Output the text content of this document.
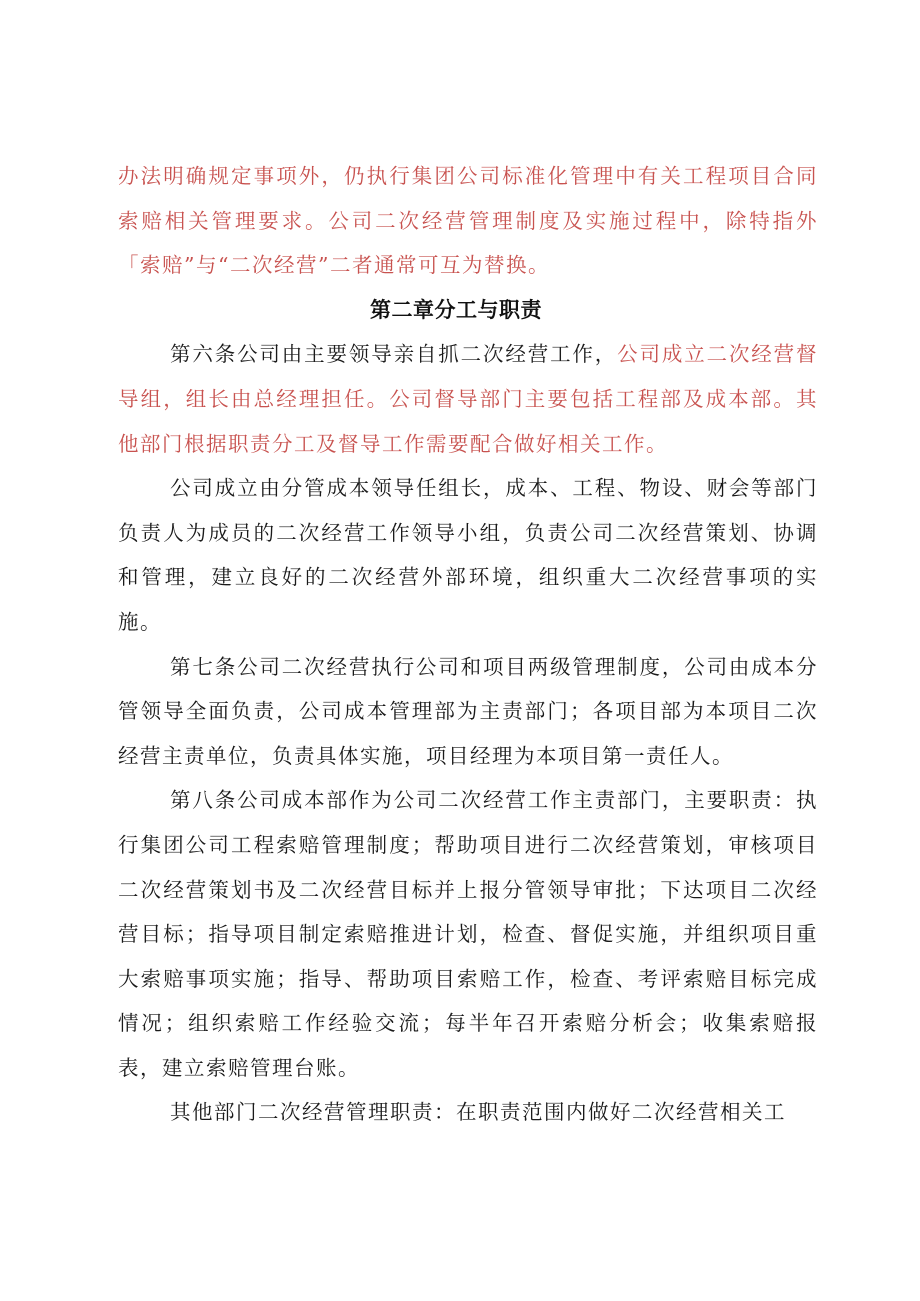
办法明确规定事项外，仍执行集团公司标准化管理中有关工程项目合同索赔相关管理要求。公司二次经营管理制度及实施过程中，除特指外「索赔”与“二次经营”二者通常可互为替换。

第二章分工与职责

第六条公司由主要领导亲自抓二次经营工作，公司成立二次经营督导组，组长由总经理担任。公司督导部门主要包括工程部及成本部。其他部门根据职责分工及督导工作需要配合做好相关工作。

公司成立由分管成本领导任组长，成本、工程、物设、财会等部门负责人为成员的二次经营工作领导小组，负责公司二次经营策划、协调和管理，建立良好的二次经营外部环境，组织重大二次经营事项的实施。

第七条公司二次经营执行公司和项目两级管理制度，公司由成本分管领导全面负责，公司成本管理部为主责部门；各项目部为本项目二次经营主责单位，负责具体实施，项目经理为本项目第一责任人。

第八条公司成本部作为公司二次经营工作主责部门，主要职责：执行集团公司工程索赔管理制度；帮助项目进行二次经营策划，审核项目二次经营策划书及二次经营目标并上报分管领导审批；下达项目二次经营目标；指导项目制定索赔推进计划，检查、督促实施，并组织项目重大索赔事项实施；指导、帮助项目索赔工作，检查、考评索赔目标完成情况；组织索赔工作经验交流；每半年召开索赔分析会；收集索赔报表，建立索赔管理台账。

其他部门二次经营管理职责：在职责范围内做好二次经营相关工
